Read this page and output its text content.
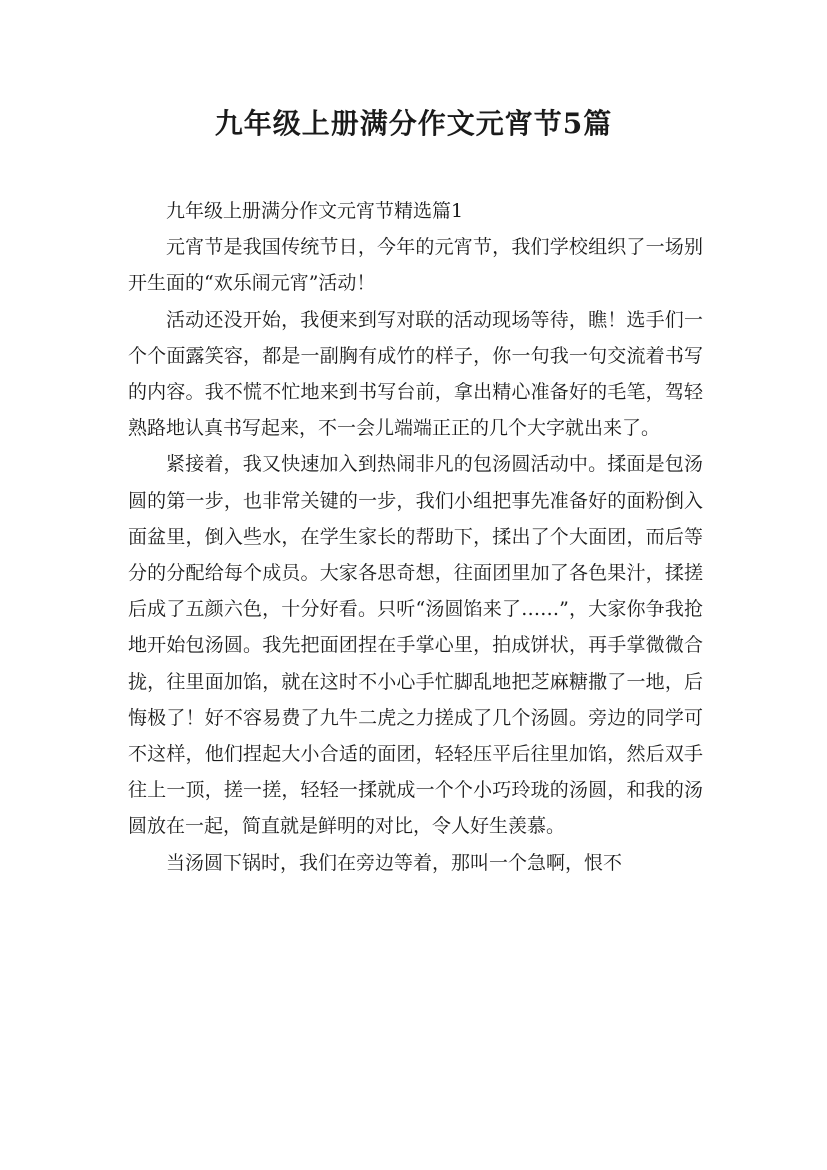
九年级上册满分作文元宵节5篇

九年级上册满分作文元宵节精选篇1

元宵节是我国传统节日，今年的元宵节，我们学校组织了一场别开生面的“欢乐闹元宵”活动！

活动还没开始，我便来到写对联的活动现场等待，瞧！选手们一个个面露笑容，都是一副胸有成竹的样子，你一句我一句交流着书写的内容。我不慌不忙地来到书写台前，拿出精心准备好的毛笔，驾轻熟路地认真书写起来，不一会儿端端正正的几个大字就出来了。

紧接着，我又快速加入到热闹非凡的包汤圆活动中。揉面是包汤圆的第一步，也非常关键的一步，我们小组把事先准备好的面粉倒入面盆里，倒入些水，在学生家长的帮助下，揉出了个大面团，而后等分的分配给每个成员。大家各思奇想，往面团里加了各色果汁，揉搓后成了五颜六色，十分好看。只听“汤圆馅来了……”，大家你争我抢地开始包汤圆。我先把面团捏在手掌心里，拍成饼状，再手掌微微合拢，往里面加馅，就在这时不小心手忙脚乱地把芝麻糖撒了一地，后悔极了！好不容易费了九牛二虎之力搓成了几个汤圆。旁边的同学可不这样，他们捏起大小合适的面团，轻轻压平后往里加馅，然后双手往上一顶，搓一搓，轻轻一揉就成一个个小巧玲珑的汤圆，和我的汤圆放在一起，简直就是鲜明的对比，令人好生羡慕。

当汤圆下锅时，我们在旁边等着，那叫一个急啊，恨不
